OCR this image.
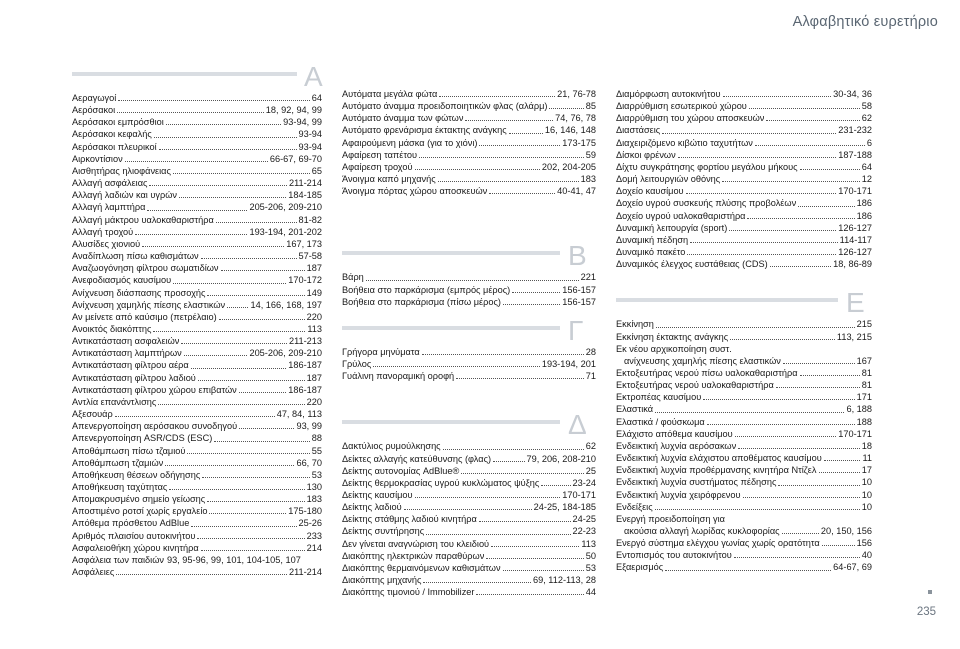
Αλφαβητικό ευρετήριο
A
Αεραγωγοί	64
Αερόσακοι	18, 92, 94, 99
Αερόσακοι εμπρόσθιοι	93-94, 99
Αερόσακοι κεφαλής	93-94
Αερόσακοι πλευρικοί	93-94
Αιρκοντίσιον	66-67, 69-70
Αισθητήρας ηλιοφάνειας	65
Αλλαγή ασφάλειας	211-214
Αλλαγή λαδιών και υγρών	184-185
Αλλαγή λαμπτήρα	205-206, 209-210
Αλλαγή μάκτρου υαλοκαθαριστήρα	81-82
Αλλαγή τροχού	193-194, 201-202
Αλυσίδες χιονιού	167, 173
Αναδίπλωση πίσω καθισμάτων	57-58
Αναζωογόνηση φίλτρου σωματιδίων	187
Ανεφοδιασμός καυσίμου	170-172
Ανίχνευση διάσπασης προσοχής	149
Ανίχνευση χαμηλής πίεσης ελαστικών	14, 166, 168, 197
Αν μείνετε από καύσιμο (πετρέλαιο)	220
Ανοικτός διακόπτης	113
Αντικατάσταση ασφαλειών	211-213
Αντικατάσταση λαμπτήρων	205-206, 209-210
Αντικατάσταση φίλτρου αέρα	186-187
Αντικατάσταση φίλτρου λαδιού	187
Αντικατάσταση φίλτρου χώρου επιβατών	186-187
Αντλία επανάντλισης	220
Αξεσουάρ	47, 84, 113
Απενεργοποίηση αερόσακου συνοδηγού	93, 99
Απενεργοποίηση ASR/CDS (ESC)	88
Αποθάμπωση πίσω τζαμιού	55
Αποθάμπωση τζαμιών	66, 70
Αποθήκευση θέσεων οδήγησης	53
Αποθήκευση ταχύτητας	130
Απομακρυσμένο σημείο γείωσης	183
Αποστιμένο ροτσί χωρίς εργαλείο	175-180
Απόθεμα πρόσθετου AdBlue	25-26
Αριθμός πλαισίου αυτοκινήτου	233
Ασφαλειοθήκη χώρου κινητήρα	214
Ασφάλεια των παιδιών 93, 95-96, 99, 101, 104-105, 107
Ασφάλειες	211-214
Αυτόματα μεγάλα φώτα	21, 76-78
Αυτόματο άναμμα προειδοποιητικών φλας (αλάρμ)	85
Αυτόματο άναμμα των φώτων	74, 76, 78
Αυτόματο φρενάρισμα έκτακτης ανάγκης	16, 146, 148
Αφαιρούμενη μάσκα (για το χιόνι)	173-175
Αφαίρεση ταπέτου	59
Αφαίρεση τροχού	202, 204-205
Άνοιγμα καπό μηχανής	183
Άνοιγμα πόρτας χώρου αποσκευών	40-41, 47
B
Βάρη	221
Βοήθεια στο παρκάρισμα (εμπρός μέρος)	156-157
Βοήθεια στο παρκάρισμα (πίσω μέρος)	156-157
Γ
Γρήγορα μηνύματα	28
Γρύλος	193-194, 201
Γυάλινη πανοραμική οροφή	71
Δ
Δακτύλιος ρυμούλκησης	62
Δείκτες αλλαγής κατεύθυνσης (φλας)	79, 206, 208-210
Δείκτης αυτονομίας AdBlue®	25
Δείκτης θερμοκρασίας υγρού κυκλώματος ψύξης	23-24
Δείκτης καυσίμου	170-171
Δείκτης λαδιού	24-25, 184-185
Δείκτης στάθμης λαδιού κινητήρα	24-25
Δείκτης συντήρησης	22-23
Δεν γίνεται αναγνώριση του κλειδιού	113
Διακόπτης ηλεκτρικών παραθύρων	50
Διακόπτης θερμαινόμενων καθισμάτων	53
Διακόπτης μηχανής	69, 112-113, 28
Διακόπτης τιμονιού / Immobilizer	44
Διαμόρφωση αυτοκινήτου	30-34, 36
Διαρρύθμιση εσωτερικού χώρου	58
Διαρρύθμιση του χώρου αποσκευών	62
Διαστάσεις	231-232
Διαχειριζόμενο κιβώτιο ταχυτήτων	6
Δίσκοι φρένων	187-188
Δίχτυ συγκράτησης φορτίου μεγάλου μήκους	64
Δομή λειτουργιών οθόνης	12
Δοχείο καυσίμου	170-171
Δοχείο υγρού συσκευής πλύσης προβολέων	186
Δοχείο υγρού υαλοκαθαριστήρα	186
Δυναμική λειτουργία (sport)	126-127
Δυναμική πέδηση	114-117
Δυναμικό πακέτο	126-127
Δυναμικός έλεγχος ευστάθειας (CDS)	18, 86-89
E
Εκκίνηση	215
Εκκίνηση έκτακτης ανάγκης	113, 215
Εκ νέου αρχικοποίηση συστ.
ανίχνευσης χαμηλής πίεσης ελαστικών	167
Εκτοξευτήρας νερού πίσω υαλοκαθαριστήρα	81
Εκτοξευτήρας νερού υαλοκαθαριστήρα	81
Εκτροπέας καυσίμου	171
Ελαστικά	6, 188
Ελαστικά / φούσκωμα	188
Ελάχιστο απόθεμα καυσίμου	170-171
Ενδεικτική λυχνία αερόσακων	18
Ενδεικτική λυχνία ελάχιστου αποθέματος καυσίμου	11
Ενδεικτική λυχνία προθέρμανσης κινητήρα Ντίζελ	17
Ενδεικτική λυχνία συστήματος πέδησης	10
Ενδεικτική λυχνία χειρόφρενου	10
Ενδείξεις	10
Ενεργή προειδοποίηση για
ακούσια αλλαγή λωρίδας κυκλοφορίας	20, 150, 156
Ενεργό σύστημα ελέγχου γωνίας χωρίς ορατότητα	156
Εντοπισμός του αυτοκινήτου	40
Εξαερισμός	64-67, 69
235
